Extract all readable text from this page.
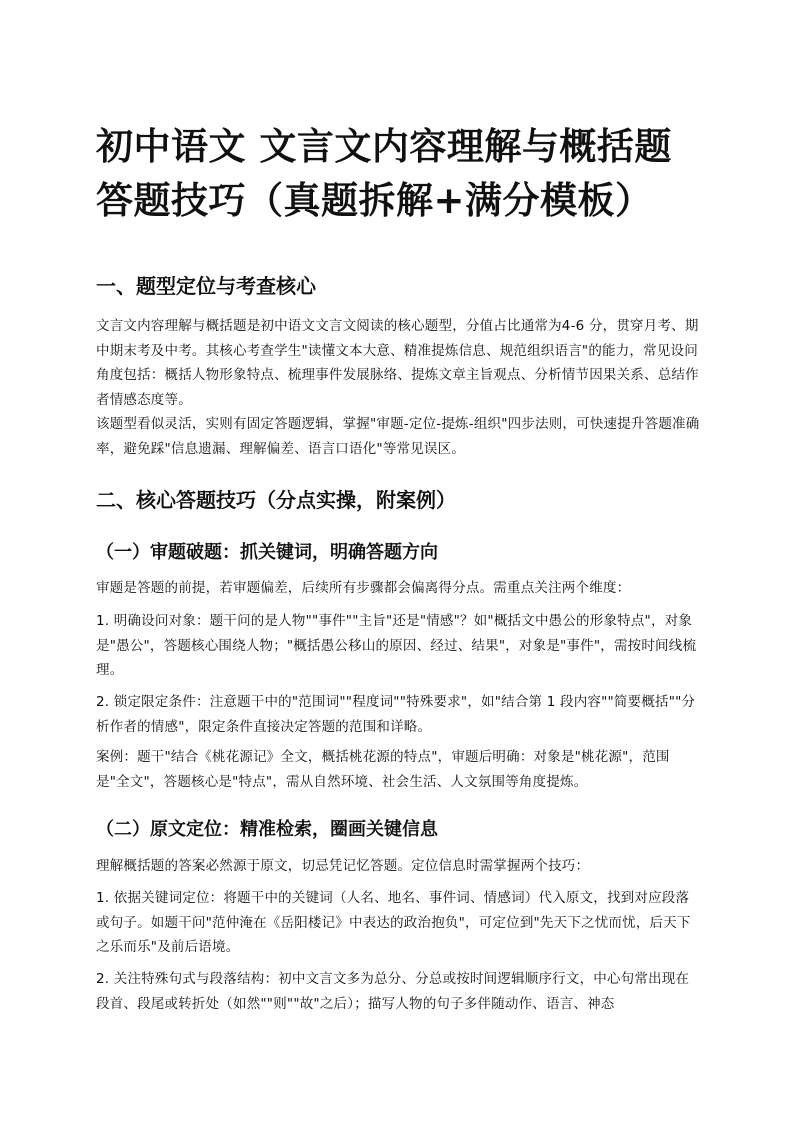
初中语文 文言文内容理解与概括题答题技巧（真题拆解+满分模板）
一、题型定位与考查核心

文言文内容理解与概括题是初中语文文言文阅读的核心题型，分值占比通常为4-6 分，贯穿月考、期中期末考及中考。其核心考查学生"读懂文本大意、精准提炼信息、规范组织语言"的能力，常见设问角度包括：概括人物形象特点、梳理事件发展脉络、提炼文章主旨观点、分析情节因果关系、总结作者情感态度等。

该题型看似灵活，实则有固定答题逻辑，掌握"审题-定位-提炼-组织"四步法则，可快速提升答题准确率，避免踩"信息遗漏、理解偏差、语言口语化"等常见误区。

二、核心答题技巧（分点实操，附案例）
（一）审题破题：抓关键词，明确答题方向

审题是答题的前提，若审题偏差，后续所有步骤都会偏离得分点。需重点关注两个维度：

1. 明确设问对象：题干问的是人物""事件""主旨"还是"情感"？如"概括文中愚公的形象特点"，对象是"愚公"，答题核心围绕人物；"概括愚公移山的原因、经过、结果"，对象是"事件"，需按时间线梳理。

2. 锁定限定条件：注意题干中的"范围词""程度词""特殊要求"，如"结合第 1 段内容""简要概括""分析作者的情感"，限定条件直接决定答题的范围和详略。

案例：题干"结合《桃花源记》全文，概括桃花源的特点"，审题后明确：对象是"桃花源"，范围是"全文"，答题核心是"特点"，需从自然环境、社会生活、人文氛围等角度提炼。

（二）原文定位：精准检索，圈画关键信息

理解概括题的答案必然源于原文，切忌凭记忆答题。定位信息时需掌握两个技巧：

1. 依据关键词定位：将题干中的关键词（人名、地名、事件词、情感词）代入原文，找到对应段落或句子。如题干问"范仲淹在《岳阳楼记》中表达的政治抱负"，可定位到"先天下之忧而忧，后天下之乐而乐"及前后语境。

2. 关注特殊句式与段落结构：初中文言文多为总分、分总或按时间逻辑顺序行文，中心句常出现在段首、段尾或转折处（如然""则""故"之后）；描写人物的句子多伴随动作、语言、神态
